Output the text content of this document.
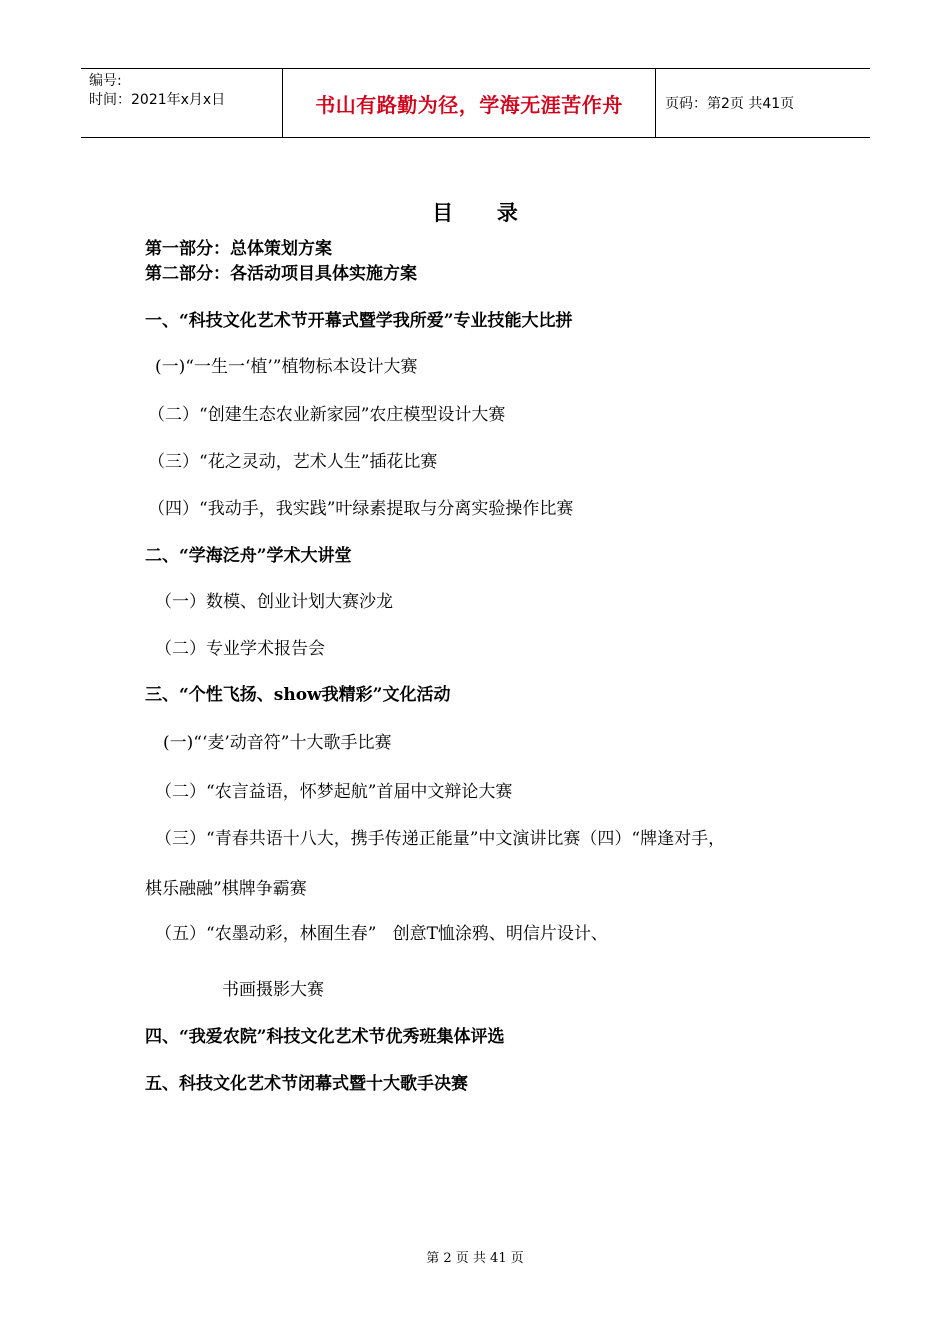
编号:
时间：2021年x月x日	书山有路勤为径，学海无涯苦作舟	页码：第2页 共41页
目      录
第一部分：总体策划方案
第二部分：各活动项目具体实施方案
一、“科技文化艺术节开幕式暨学我所爱”专业技能大比拼
(一)“一生一‘植’”植物标本设计大赛
（二）“创建生态农业新家园”农庄模型设计大赛
（三）“花之灵动，艺术人生”插花比赛
（四）“我动手，我实践”叶绿素提取与分离实验操作比赛
二、“学海泛舟”学术大讲堂
（一）数模、创业计划大赛沙龙
（二）专业学术报告会
三、“个性飞扬、show我精彩”文化活动
(一)“‘麦’动音符”十大歌手比赛
（二）“农言益语，怀梦起航”首届中文辩论大赛
（三）“青春共语十八大，携手传递正能量”中文演讲比赛（四）“牌逢对手，
棋乐融融”棋牌争霸赛
（五）“农墨动彩，林囿生春”   创意T恤涂鸦、明信片设计、
书画摄影大赛
四、“我爱农院”科技文化艺术节优秀班集体评选
五、科技文化艺术节闭幕式暨十大歌手决赛
第 2 页 共 41 页
